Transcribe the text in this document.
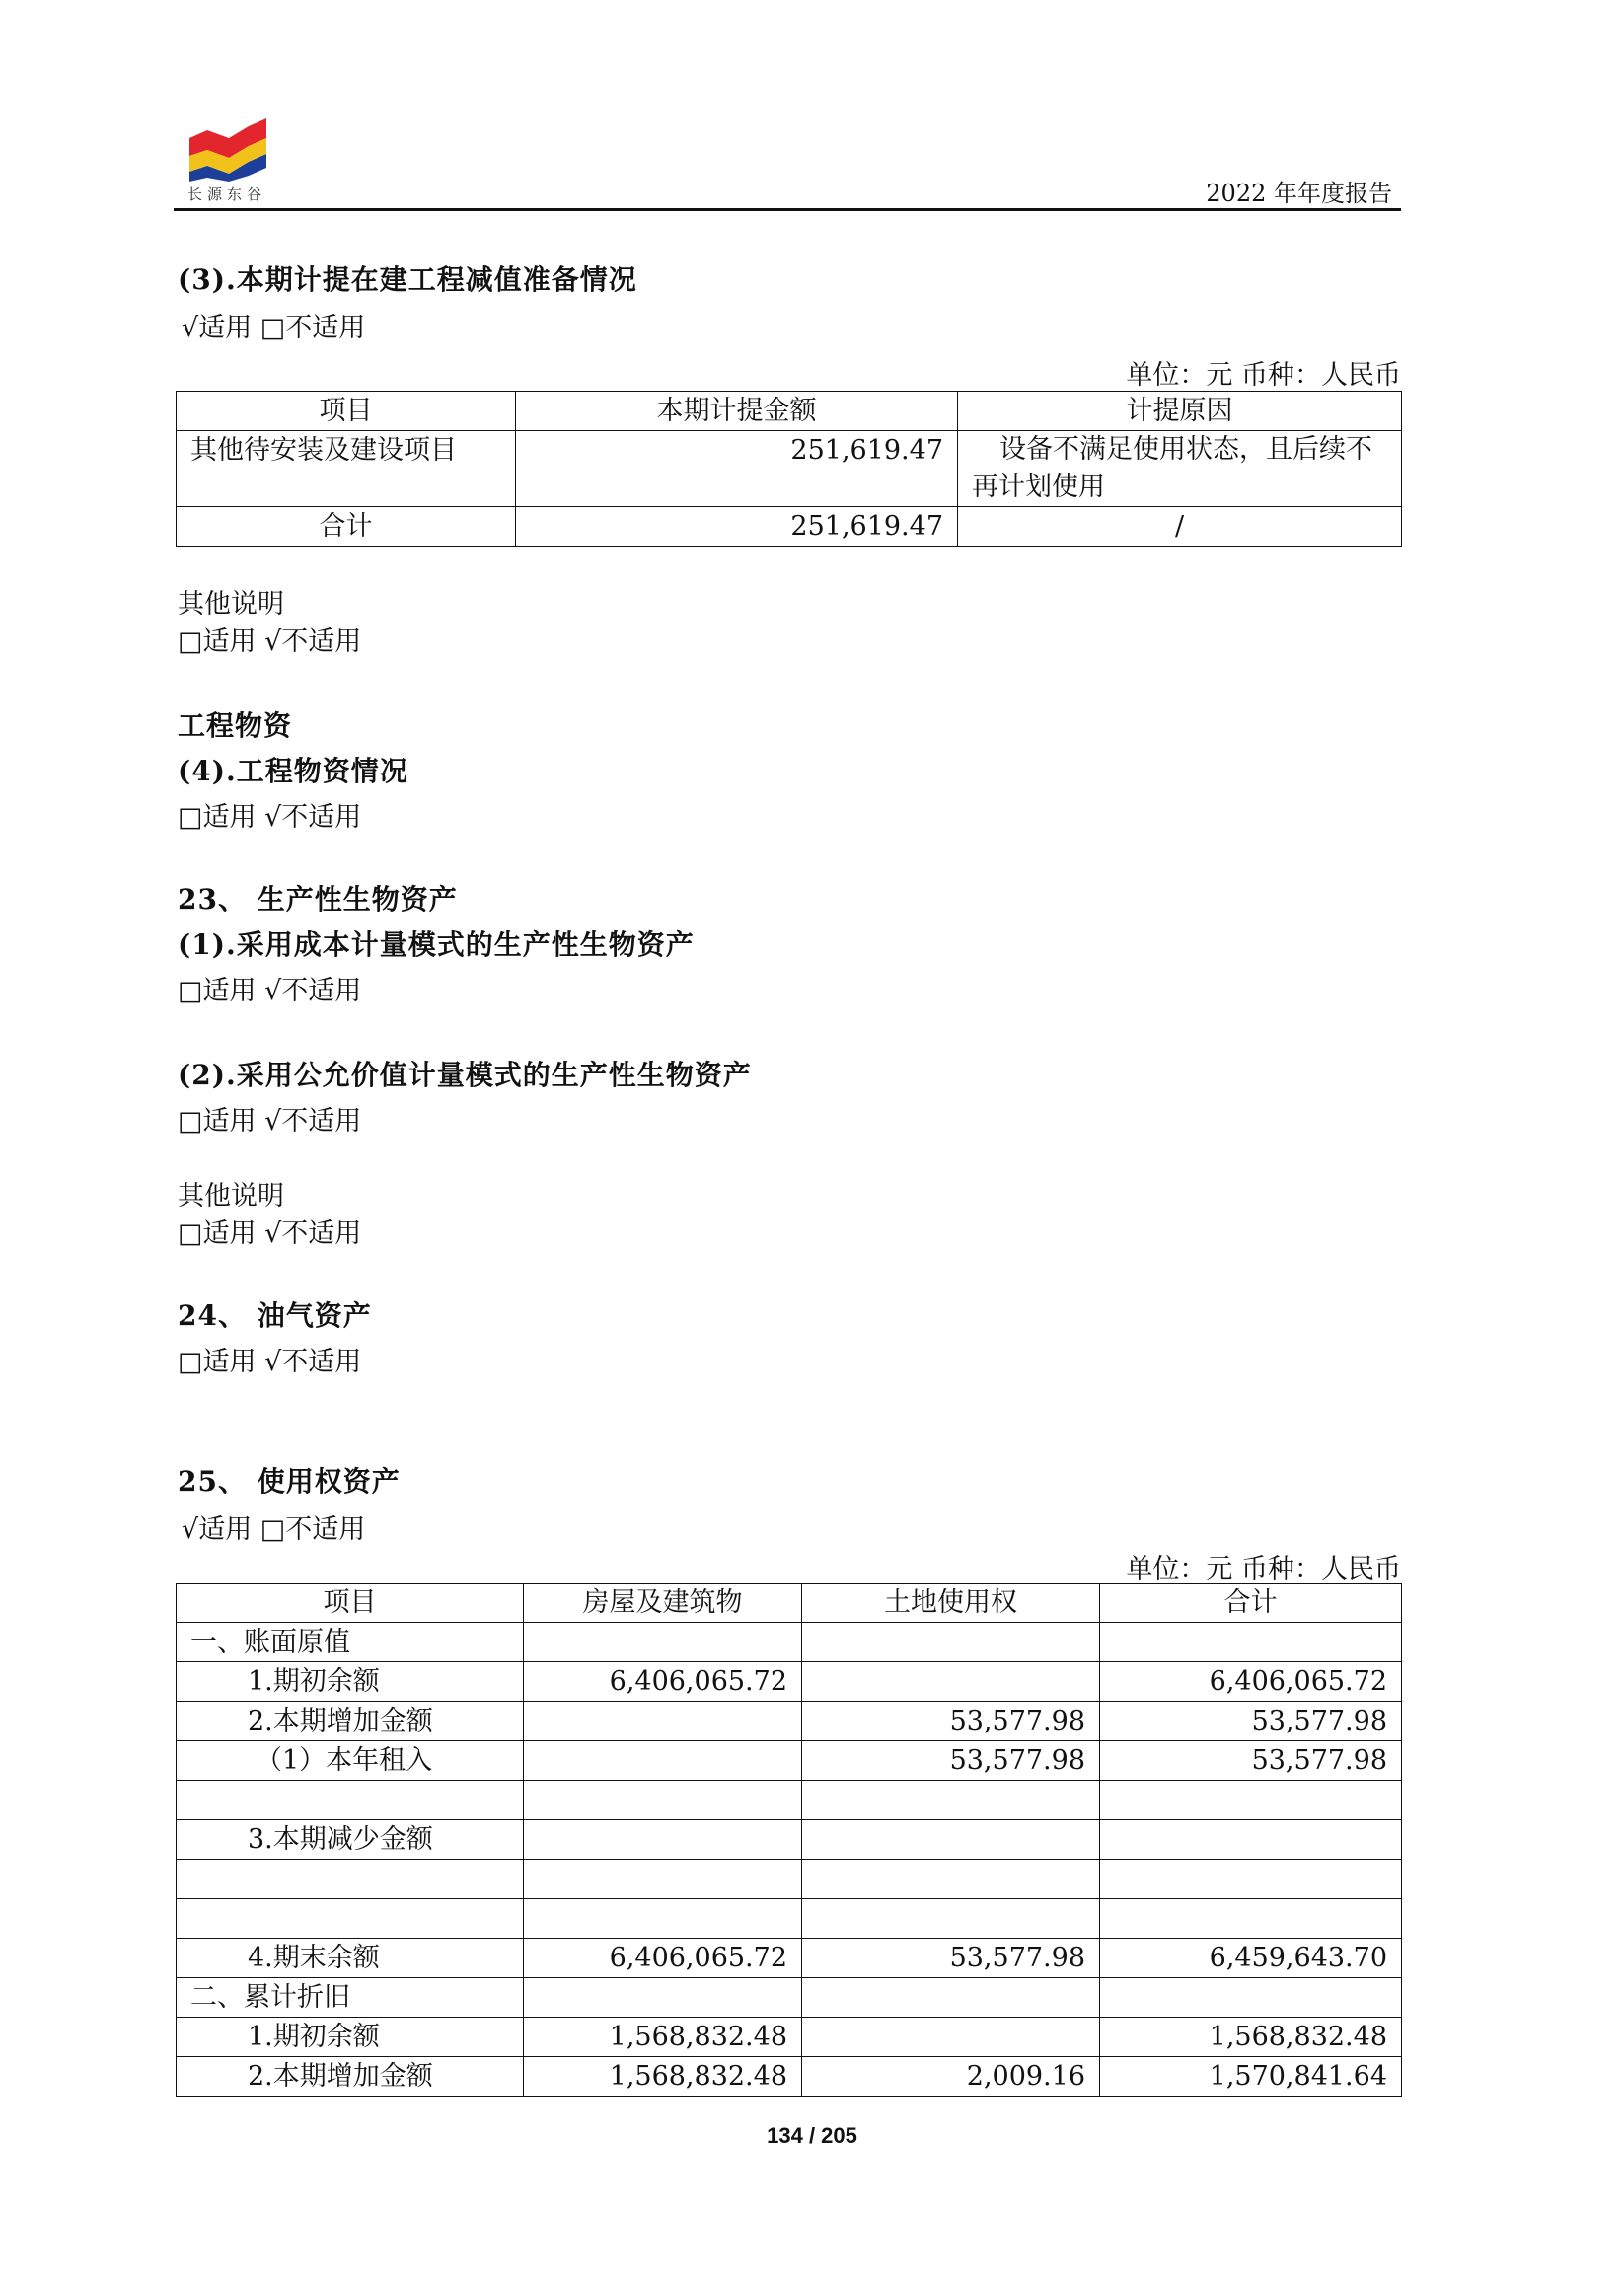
长源东谷	2022 年年度报告
(3).本期计提在建工程减值准备情况
√适用 □不适用
单位：元 币种：人民币
项目	本期计提金额	计提原因
其他待安装及建设项目	251,619.47	设备不满足使用状态，且后续不再计划使用
合计	251,619.47	/
其他说明
□适用 √不适用
工程物资
(4).工程物资情况
□适用 √不适用
23、 生产性生物资产
(1).采用成本计量模式的生产性生物资产
□适用 √不适用
(2).采用公允价值计量模式的生产性生物资产
□适用 √不适用
其他说明
□适用 √不适用
24、 油气资产
□适用 √不适用
25、 使用权资产
√适用 □不适用
单位：元 币种：人民币
项目	房屋及建筑物	土地使用权	合计
一、账面原值			
1.期初余额	6,406,065.72		6,406,065.72
2.本期增加金额		53,577.98	53,577.98
（1）本年租入		53,577.98	53,577.98

3.本期减少金额			

4.期末余额	6,406,065.72	53,577.98	6,459,643.70
二、累计折旧			
1.期初余额	1,568,832.48		1,568,832.48
2.本期增加金额	1,568,832.48	2,009.16	1,570,841.64
134 / 205
